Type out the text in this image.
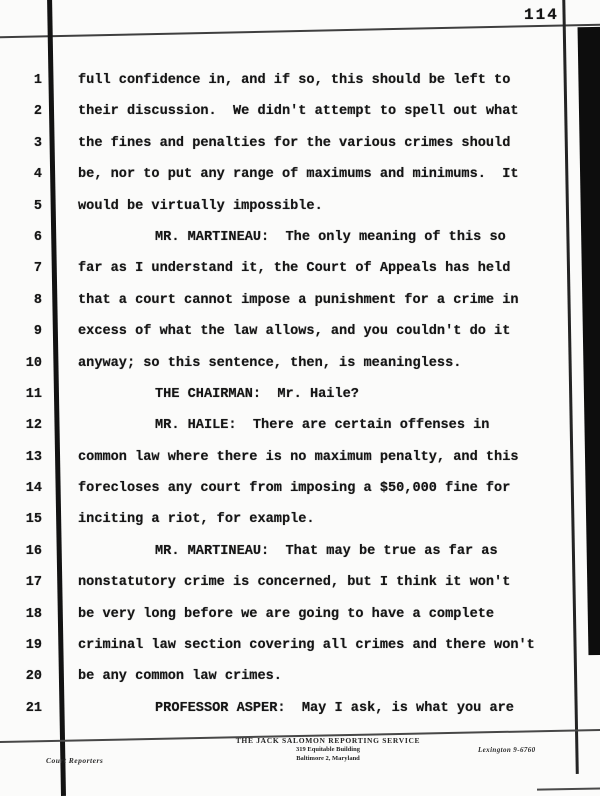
114
1	full confidence in, and if so, this should be left to
2	their discussion.  We didn't attempt to spell out what
3	the fines and penalties for the various crimes should
4	be, nor to put any range of maximums and minimums.  It
5	would be virtually impossible.
6	MR. MARTINEAU:  The only meaning of this so
7	far as I understand it, the Court of Appeals has held
8	that a court cannot impose a punishment for a crime in
9	excess of what the law allows, and you couldn't do it
10	anyway; so this sentence, then, is meaningless.
11	THE CHAIRMAN:  Mr. Haile?
12	MR. HAILE:  There are certain offenses in
13	common law where there is no maximum penalty, and this
14	forecloses any court from imposing a $50,000 fine for
15	inciting a riot, for example.
16	MR. MARTINEAU:  That may be true as far as
17	nonstatutory crime is concerned, but I think it won't
18	be very long before we are going to have a complete
19	criminal law section covering all crimes and there won't
20	be any common law crimes.
21	PROFESSOR ASPER:  May I ask, is what you are
Court Reporters
THE JACK SALOMON REPORTING SERVICE
319 Equitable Building
Baltimore 2, Maryland
Lexington 9-6760
